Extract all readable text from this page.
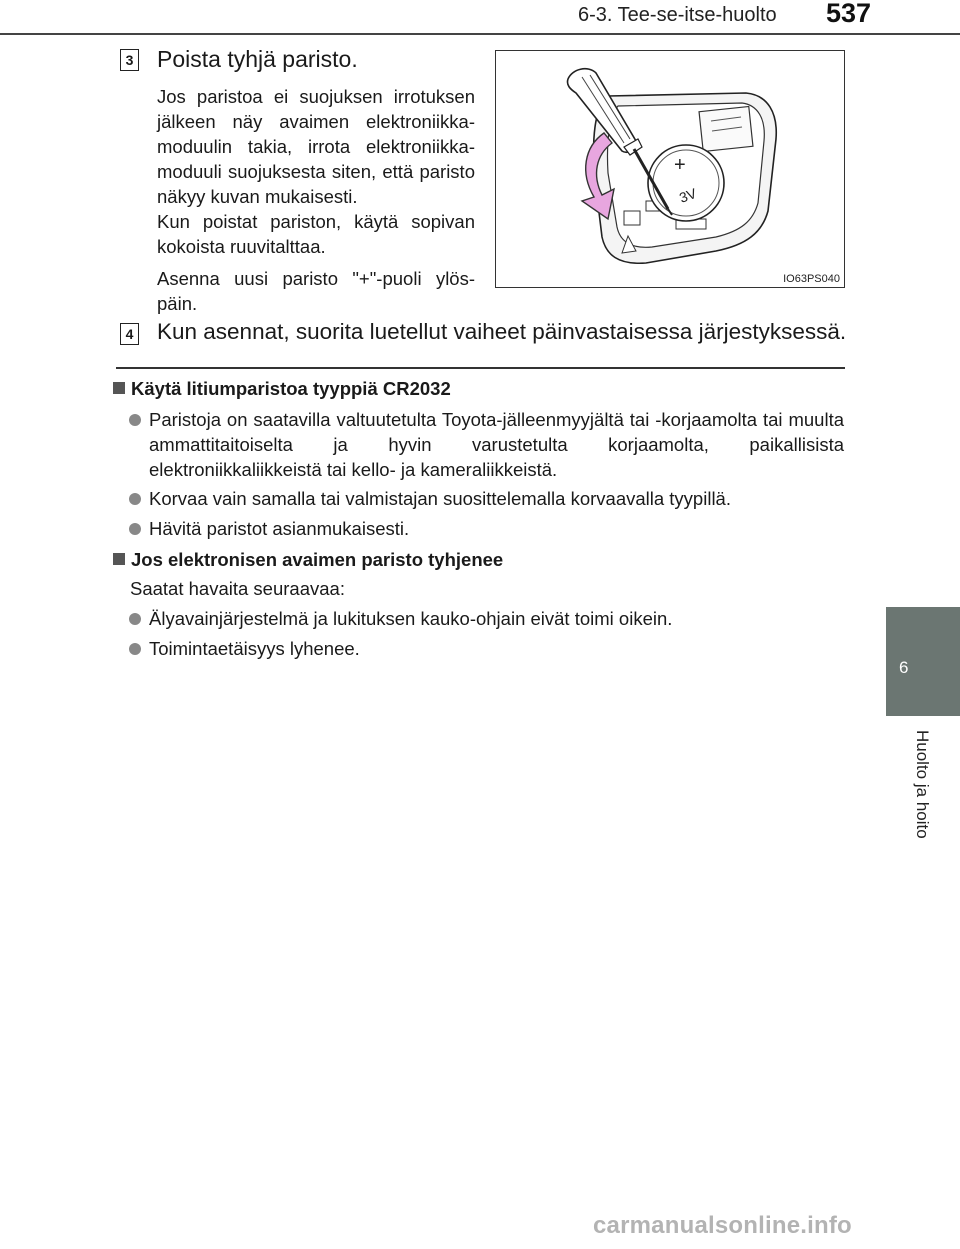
6-3. Tee-se-itse-huolto 537
3 Poista tyhjä paristo.
Jos paristoa ei suojuksen irrotuksen jälkeen näy avaimen elektroniikka-moduulin takia, irrota elektroniikka-moduuli suojuksesta siten, että paristo näkyy kuvan mukaisesti.
Kun poistat pariston, käytä sopivan kokoista ruuvitalttaa.
Asenna uusi paristo "+"-puoli ylös-päin.
+
3V
IO63PS040
4 Kun asennat, suorita luetellut vaiheet päinvastaisessa järjestyksessä.
Käytä litiumparistoa tyyppiä CR2032
Paristoja on saatavilla valtuutetulta Toyota-jälleenmyyjältä tai -korjaamolta tai muulta ammattitaitoiselta ja hyvin varustetulta korjaamolta, paikallisista elektroniikkaliikkeistä tai kello- ja kameraliikkeistä.
Korvaa vain samalla tai valmistajan suosittelemalla korvaavalla tyypillä.
Hävitä paristot asianmukaisesti.
Jos elektronisen avaimen paristo tyhjenee
Saatat havaita seuraavaa:
Älyavainjärjestelmä ja lukituksen kauko-ohjain eivät toimi oikein.
Toimintaetäisyys lyhenee.
6
Huolto ja hoito
carmanualsonline.info
